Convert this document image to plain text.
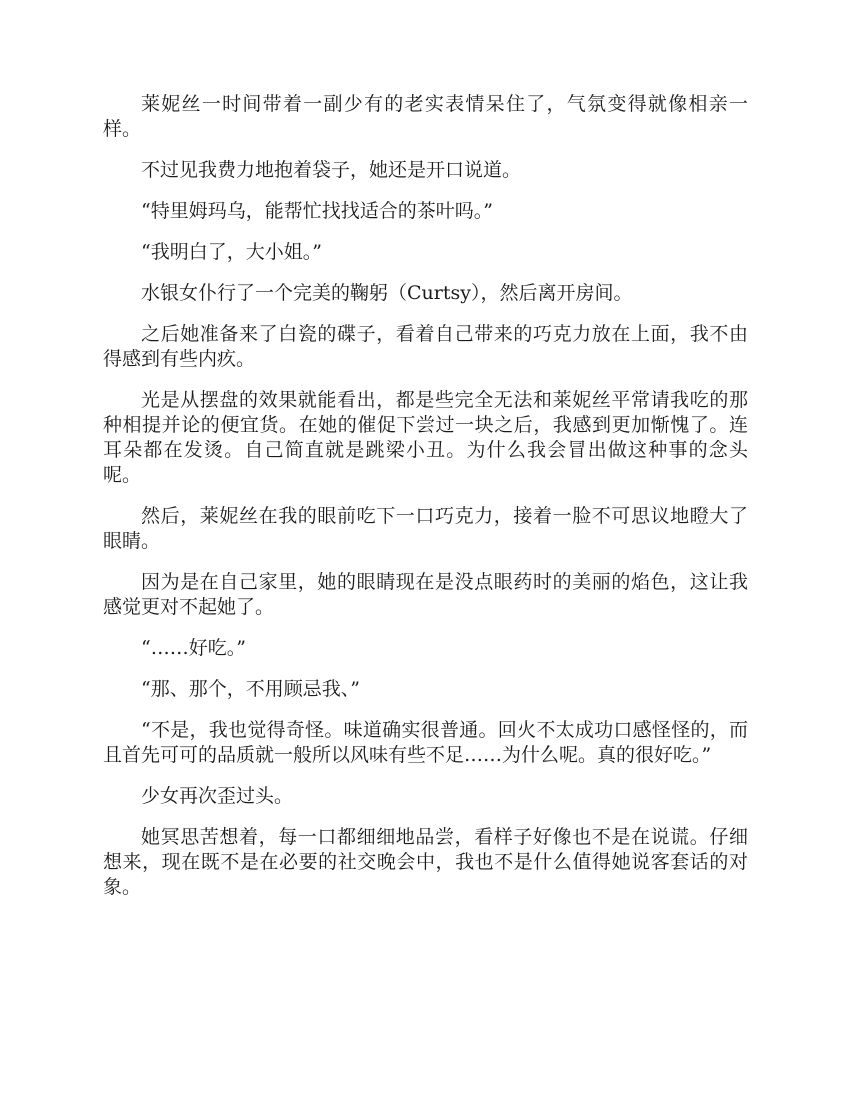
莱妮丝一时间带着一副少有的老实表情呆住了，气氛变得就像相亲一样。

不过见我费力地抱着袋子，她还是开口说道。

“特里姆玛乌，能帮忙找找适合的茶叶吗。”

“我明白了，大小姐。”

水银女仆行了一个完美的鞠躬（Curtsy），然后离开房间。

之后她准备来了白瓷的碟子，看着自己带来的巧克力放在上面，我不由得感到有些内疚。

光是从摆盘的效果就能看出，都是些完全无法和莱妮丝平常请我吃的那种相提并论的便宜货。在她的催促下尝过一块之后，我感到更加惭愧了。连耳朵都在发烫。自己简直就是跳梁小丑。为什么我会冒出做这种事的念头呢。

然后，莱妮丝在我的眼前吃下一口巧克力，接着一脸不可思议地瞪大了眼睛。

因为是在自己家里，她的眼睛现在是没点眼药时的美丽的焰色，这让我感觉更对不起她了。

“……好吃。”

“那、那个，不用顾忌我、”

“不是，我也觉得奇怪。味道确实很普通。回火不太成功口感怪怪的，而且首先可可的品质就一般所以风味有些不足……为什么呢。真的很好吃。”

少女再次歪过头。

她冥思苦想着，每一口都细细地品尝，看样子好像也不是在说谎。仔细想来，现在既不是在必要的社交晚会中，我也不是什么值得她说客套话的对象。
